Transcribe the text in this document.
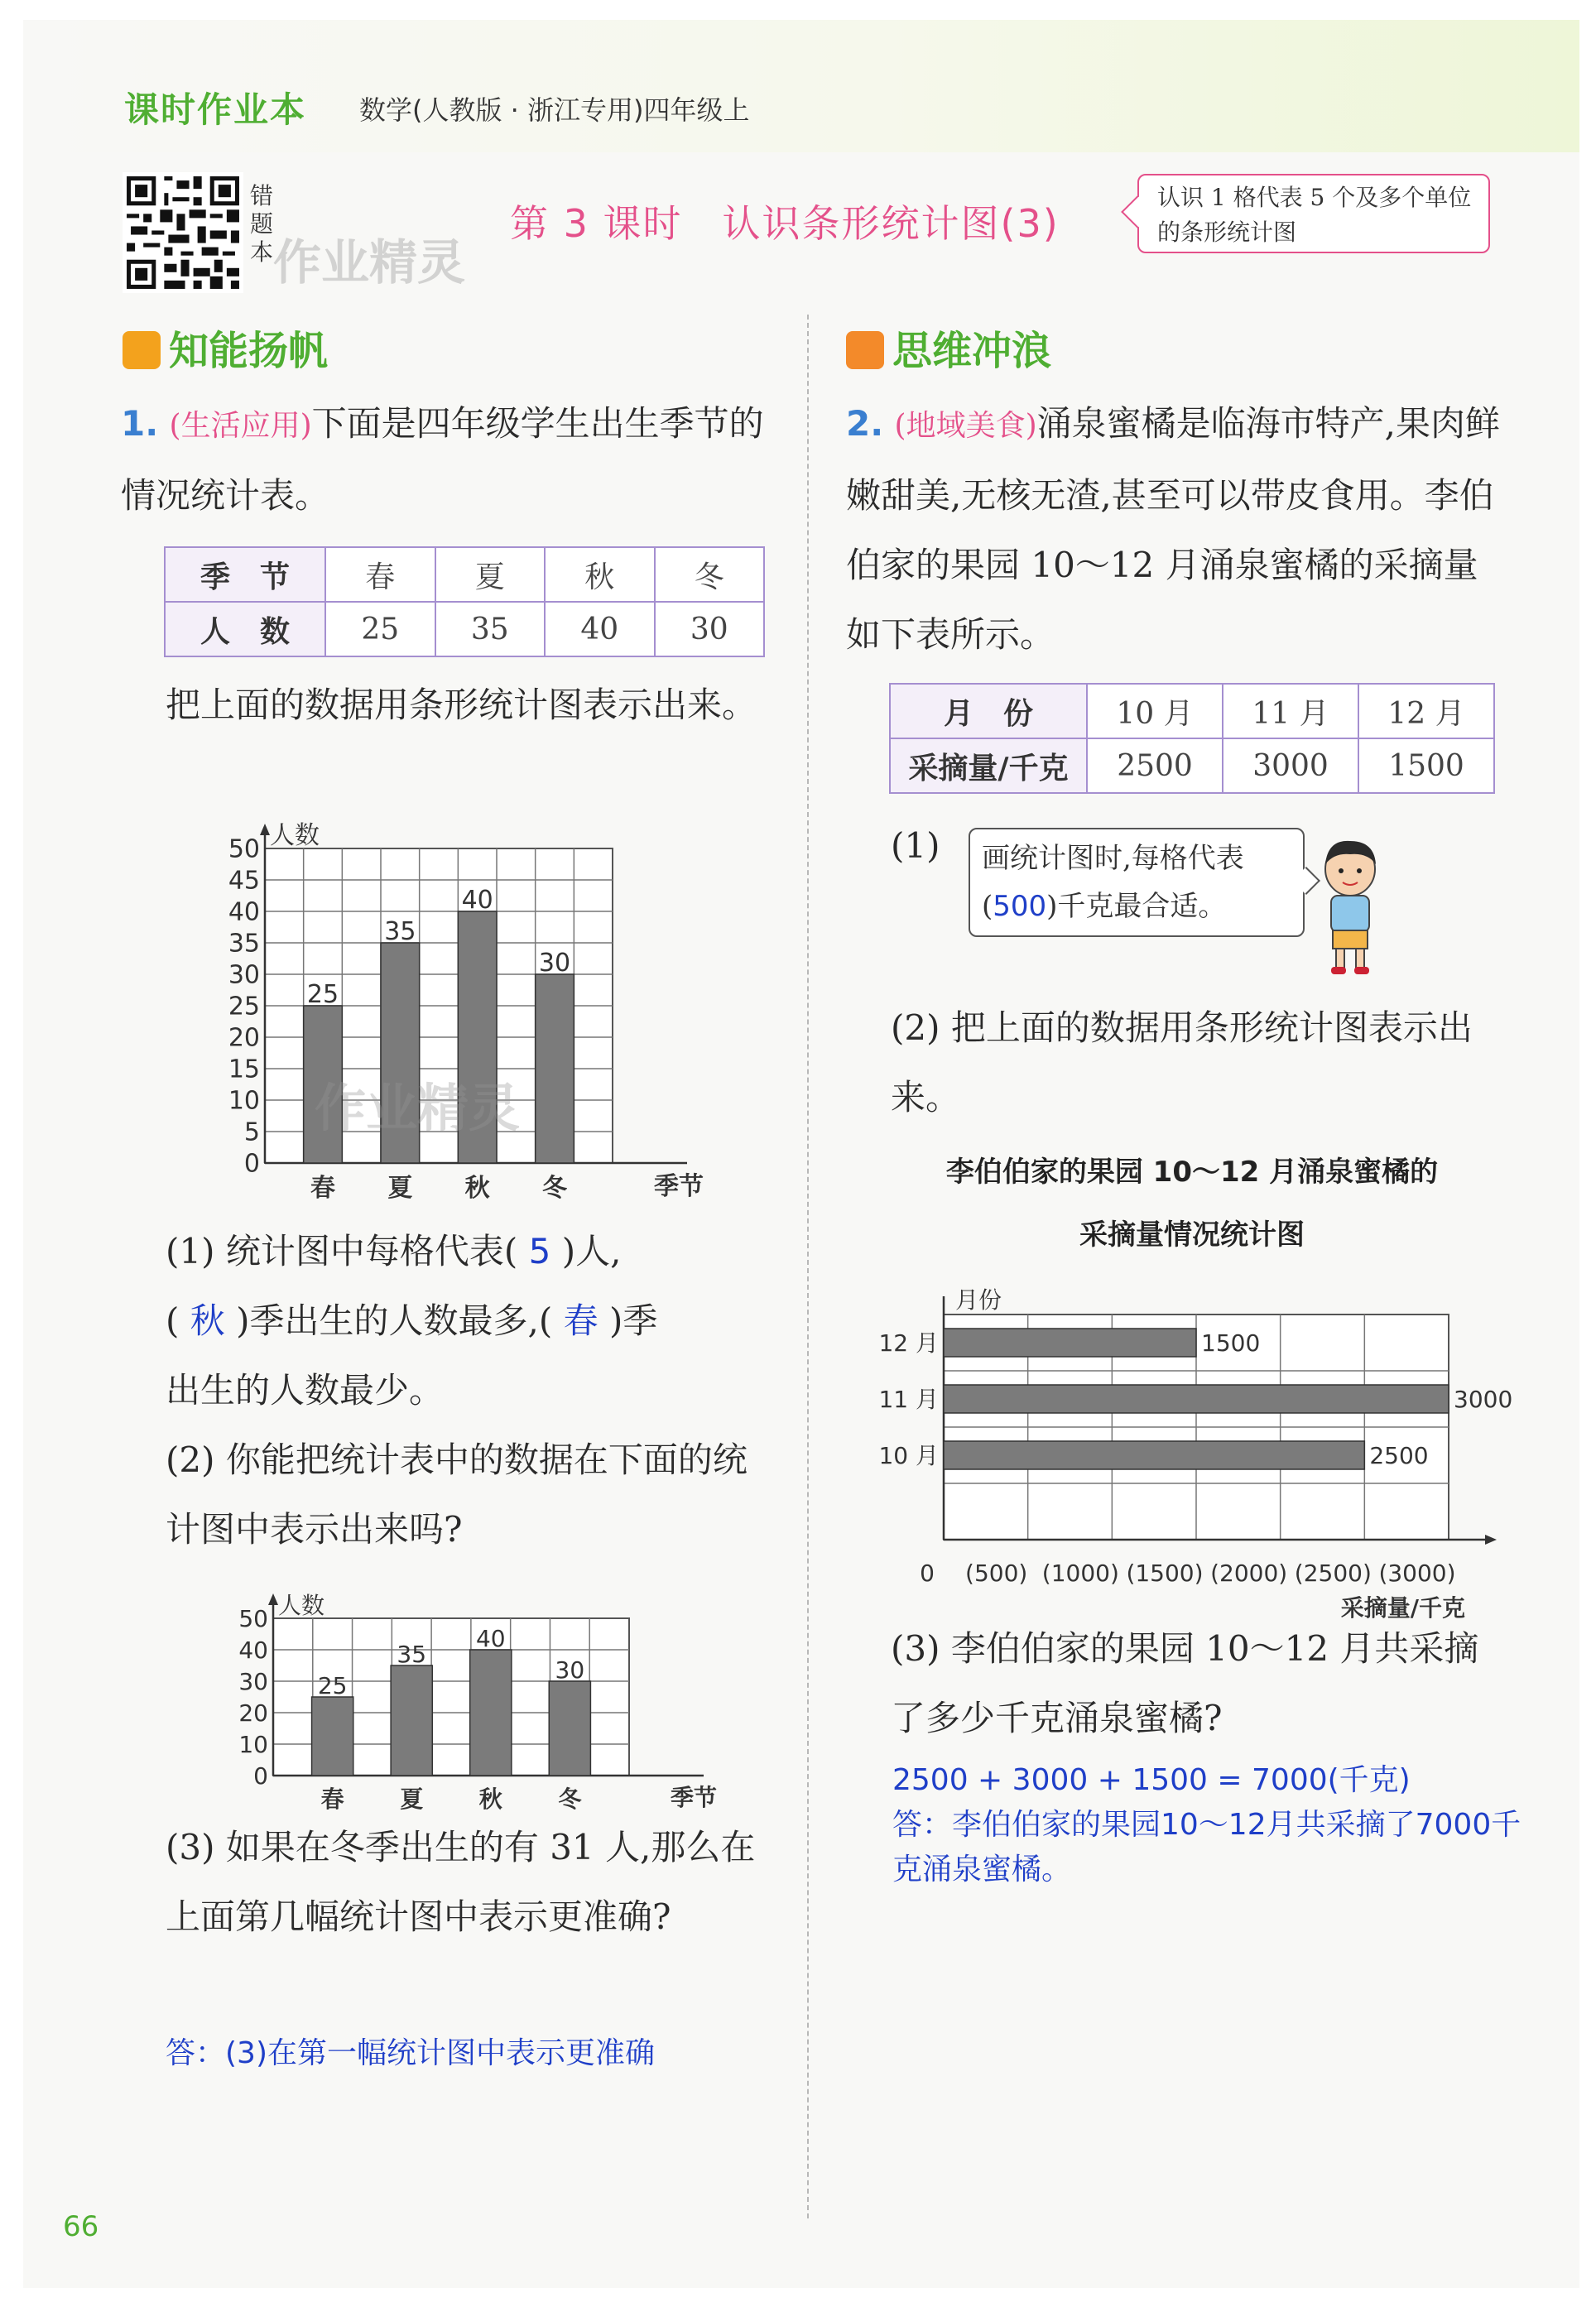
课时作业本 数学(人教版 · 浙江专用)四年级上
错题本 作业精灵
第 3 课时　认识条形统计图(3)
认识 1 格代表 5 个及多个单位的条形统计图
知能扬帆	思维冲浪
1. (生活应用)下面是四年级学生出生季节的情况统计表。
季　节	春	夏	秋	冬
人　数	25	35	40	30
把上面的数据用条形统计图表示出来。
人数
季节
0
5
10
15
20
25
30
35
40
45
50
25
春
35
夏
40
秋
30
冬
作业精灵
(1) 统计图中每格代表( 5 )人,
( 秋 )季出生的人数最多,( 春 )季
出生的人数最少。
(2) 你能把统计表中的数据在下面的统计图中表示出来吗?
人数
季节
0
10
20
30
40
50
25
春
35
夏
40
秋
30
冬
(3) 如果在冬季出生的有 31 人,那么在上面第几幅统计图中表示更准确?
答：(3)在第一幅统计图中表示更准确
2. (地域美食)涌泉蜜橘是临海市特产,果肉鲜嫩甜美,无核无渣,甚至可以带皮食用。李伯伯家的果园 10～12 月涌泉蜜橘的采摘量如下表所示。
月　份	10 月	11 月	12 月
采摘量/千克	2500	3000	1500
(1) 画统计图时,每格代表
(500)千克最合适。
(2) 把上面的数据用条形统计图表示出来。
李伯伯家的果园 10～12 月涌泉蜜橘的
采摘量情况统计图
月份
采摘量/千克
0 (500) (1000) (1500) (2000) (2500) (3000)
12 月	1500
11 月	3000
10 月	2500
(3) 李伯伯家的果园 10～12 月共采摘了多少千克涌泉蜜橘?
2500 + 3000 + 1500 = 7000(千克)
答：李伯伯家的果园10～12月共采摘了7000千克涌泉蜜橘。
66
